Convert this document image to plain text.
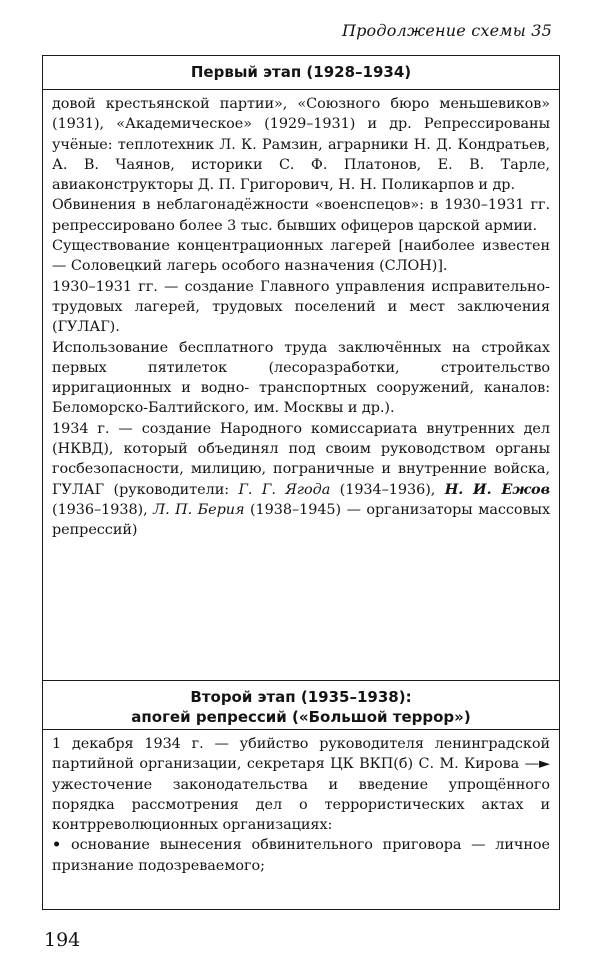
Продолжение схемы 35
Первый этап (1928–1934)

довой крестьянской партии», «Союзного бюро меньшевиков» (1931), «Академическое» (1929–1931) и др. Репрессированы учёные: теплотехник Л. К. Рамзин, аграрники Н. Д. Кондратьев, А. В. Чаянов, историки С. Ф. Платонов, Е. В. Тарле, авиаконструкторы Д. П. Григорович, Н. Н. Поликарпов и др.

Обвинения в неблагонадёжности «военспецов»: в 1930–1931 гг. репрессировано более 3 тыс. бывших офицеров царской армии.

Существование концентрационных лагерей [наиболее известен — Соловецкий лагерь особого назначения (СЛОН)].

1930–1931 гг. — создание Главного управления исправительно-трудовых лагерей, трудовых поселений и мест заключения (ГУЛАГ).

Использование бесплатного труда заключённых на стройках первых пятилеток (лесоразработки, строительство ирригационных и водно- транспортных сооружений, каналов: Беломорско-Балтийского, им. Москвы и др.).

1934 г. — создание Народного комиссариата внутренних дел (НКВД), который объединял под своим руководством органы госбезопасности, милицию, пограничные и внутренние войска, ГУЛАГ (руководители: Г. Г. Ягода (1934–1936), Н. И. Ежов (1936–1938), Л. П. Берия (1938–1945) — организаторы массовых репрессий)

Второй этап (1935–1938):
апогей репрессий («Большой террор»)

1 декабря 1934 г. — убийство руководителя ленинградской партийной организации, секретаря ЦК ВКП(б) С. М. Кирова —► ужесточение законодательства и введение упрощённого порядка рассмотрения дел о террористических актах и контрреволюционных организациях:

• основание вынесения обвинительного приговора — личное признание подозреваемого;

194
